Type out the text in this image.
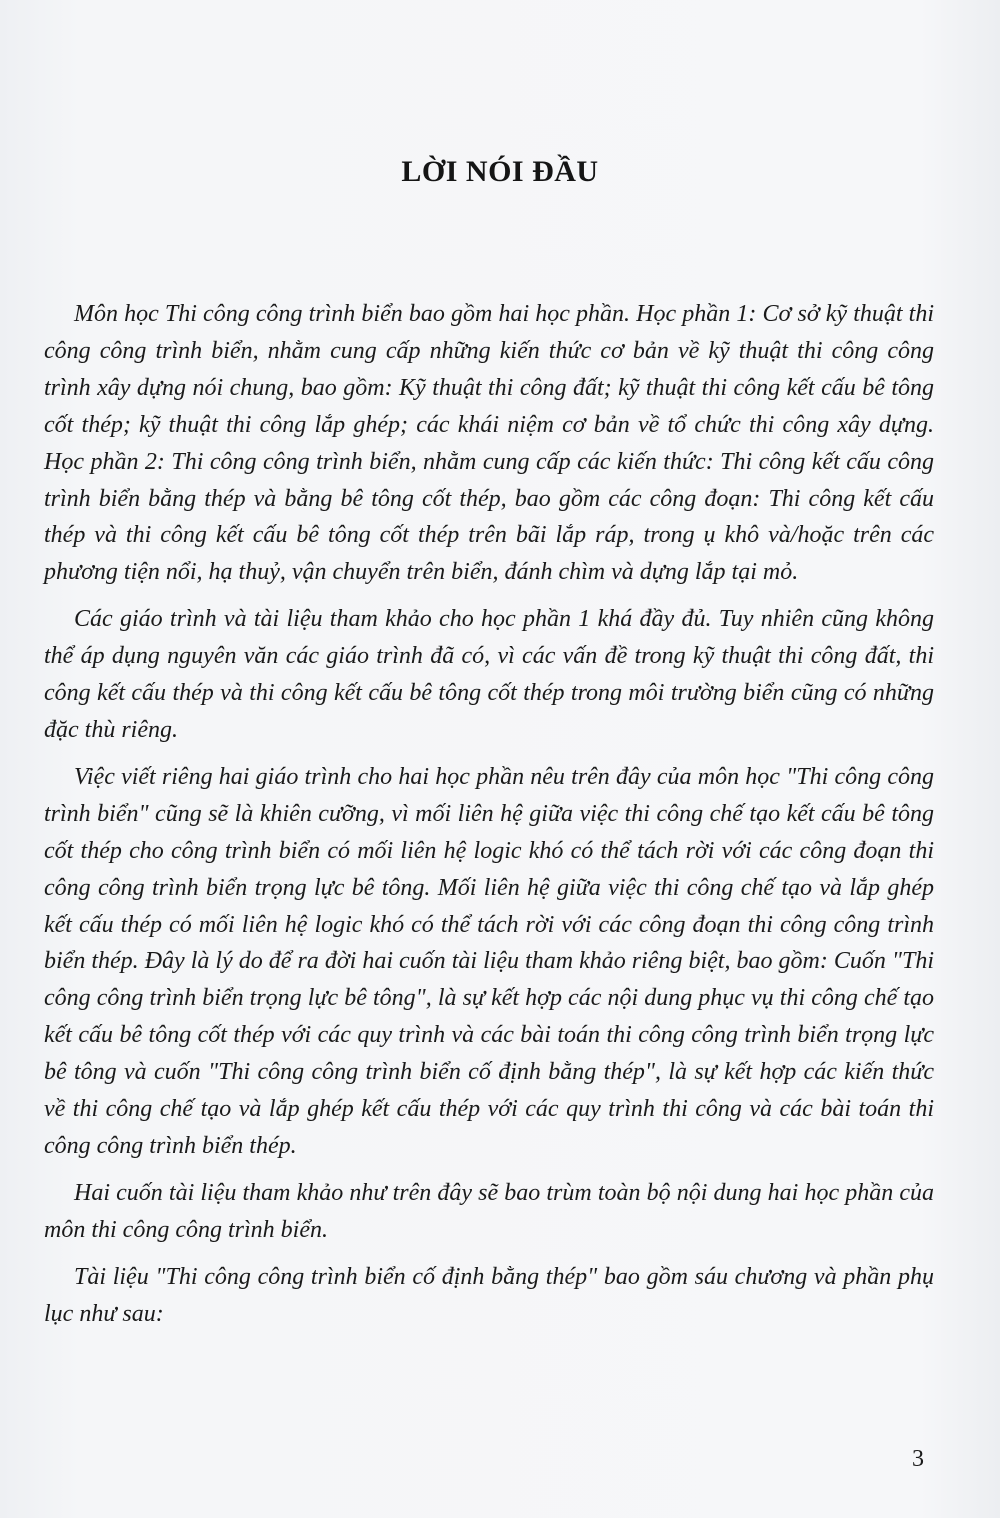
LỜI NÓI ĐẦU

Môn học Thi công công trình biển bao gồm hai học phần. Học phần 1: Cơ sở kỹ thuật thi công công trình biển, nhằm cung cấp những kiến thức cơ bản về kỹ thuật thi công công trình xây dựng nói chung, bao gồm: Kỹ thuật thi công đất; kỹ thuật thi công kết cấu bê tông cốt thép; kỹ thuật thi công lắp ghép; các khái niệm cơ bản về tổ chức thi công xây dựng. Học phần 2: Thi công công trình biển, nhằm cung cấp các kiến thức: Thi công kết cấu công trình biển bằng thép và bằng bê tông cốt thép, bao gồm các công đoạn: Thi công kết cấu thép và thi công kết cấu bê tông cốt thép trên bãi lắp ráp, trong ụ khô và/hoặc trên các phương tiện nổi, hạ thuỷ, vận chuyển trên biển, đánh chìm và dựng lắp tại mỏ.

Các giáo trình và tài liệu tham khảo cho học phần 1 khá đầy đủ. Tuy nhiên cũng không thể áp dụng nguyên văn các giáo trình đã có, vì các vấn đề trong kỹ thuật thi công đất, thi công kết cấu thép và thi công kết cấu bê tông cốt thép trong môi trường biển cũng có những đặc thù riêng.

Việc viết riêng hai giáo trình cho hai học phần nêu trên đây của môn học "Thi công công trình biển" cũng sẽ là khiên cưỡng, vì mối liên hệ giữa việc thi công chế tạo kết cấu bê tông cốt thép cho công trình biển có mối liên hệ logic khó có thể tách rời với các công đoạn thi công công trình biển trọng lực bê tông. Mối liên hệ giữa việc thi công chế tạo và lắp ghép kết cấu thép có mối liên hệ logic khó có thể tách rời với các công đoạn thi công công trình biển thép. Đây là lý do để ra đời hai cuốn tài liệu tham khảo riêng biệt, bao gồm: Cuốn "Thi công công trình biển trọng lực bê tông", là sự kết hợp các nội dung phục vụ thi công chế tạo kết cấu bê tông cốt thép với các quy trình và các bài toán thi công công trình biển trọng lực bê tông và cuốn "Thi công công trình biển cố định bằng thép", là sự kết hợp các kiến thức về thi công chế tạo và lắp ghép kết cấu thép với các quy trình thi công và các bài toán thi công công trình biển thép.

Hai cuốn tài liệu tham khảo như trên đây sẽ bao trùm toàn bộ nội dung hai học phần của môn thi công công trình biển.

Tài liệu "Thi công công trình biển cố định bằng thép" bao gồm sáu chương và phần phụ lục như sau:

3
